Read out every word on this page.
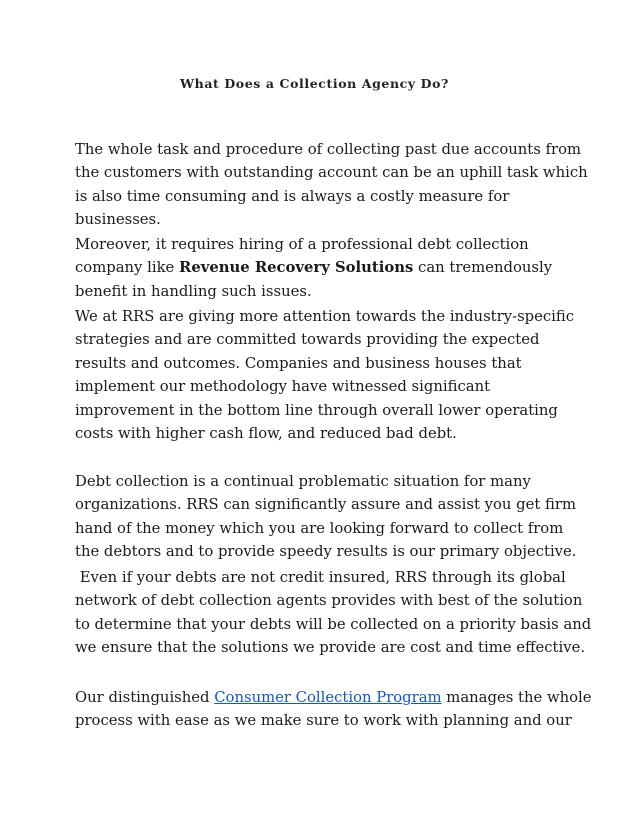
What Does a Collection Agency Do?
The whole task and procedure of collecting past due accounts from
the customers with outstanding account can be an uphill task which
is also time consuming and is always a costly measure for
businesses.
Moreover, it requires hiring of a professional debt collection
company like Revenue Recovery Solutions can tremendously
benefit in handling such issues.
We at RRS are giving more attention towards the industry-specific
strategies and are committed towards providing the expected
results and outcomes. Companies and business houses that
implement our methodology have witnessed significant
improvement in the bottom line through overall lower operating
costs with higher cash flow, and reduced bad debt.
Debt collection is a continual problematic situation for many
organizations. RRS can significantly assure and assist you get firm
hand of the money which you are looking forward to collect from
the debtors and to provide speedy results is our primary objective.
Even if your debts are not credit insured, RRS through its global
network of debt collection agents provides with best of the solution
to determine that your debts will be collected on a priority basis and
we ensure that the solutions we provide are cost and time effective.
Our distinguished Consumer Collection Program manages the whole
process with ease as we make sure to work with planning and our
